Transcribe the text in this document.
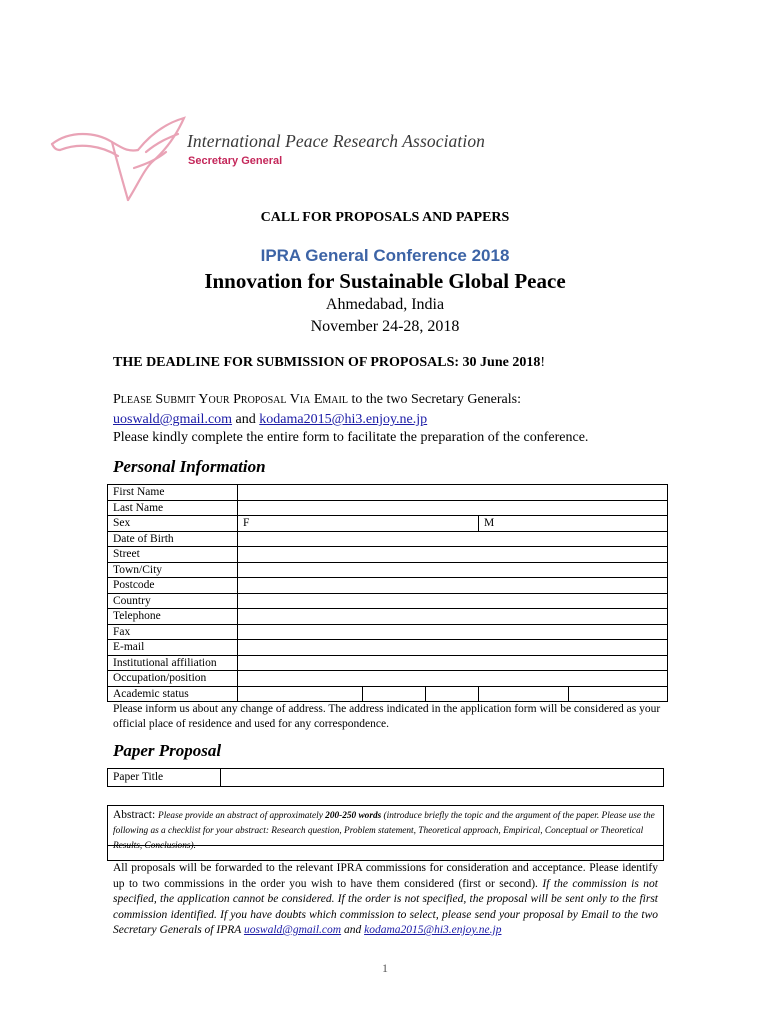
International Peace Research Association
Secretary General
CALL FOR PROPOSALS AND PAPERS
IPRA General Conference 2018
Innovation for Sustainable Global Peace
Ahmedabad, India
November 24-28, 2018
THE DEADLINE FOR SUBMISSION OF PROPOSALS: 30 June 2018!
Please Submit Your Proposal Via Email to the two Secretary Generals:
uoswald@gmail.com and kodama2015@hi3.enjoy.ne.jp
Please kindly complete the entire form to facilitate the preparation of the conference.
Personal Information
First Name					
Last Name					
Sex	F			M	
Date of Birth					
Street					
Town/City					
Postcode					
Country					
Telephone					
Fax					
E-mail					
Institutional affiliation					
Occupation/position					
Academic status					
Please inform us about any change of address. The address indicated in the application form will be considered as your official place of residence and used for any correspondence.
Paper Proposal
Paper Title	
Abstract: Please provide an abstract of approximately 200-250 words (introduce briefly the topic and the argument of the paper. Please use the following as a checklist for your abstract: Research question, Problem statement, Theoretical approach, Empirical, Conceptual or Theoretical Results, Conclusions).
All proposals will be forwarded to the relevant IPRA commissions for consideration and acceptance. Please identify up to two commissions in the order you wish to have them considered (first or second). If the commission is not specified, the application cannot be considered. If the order is not specified, the proposal will be sent only to the first commission identified. If you have doubts which commission to select, please send your proposal by Email to the two Secretary Generals of IPRA uoswald@gmail.com and kodama2015@hi3.enjoy.ne.jp
1
